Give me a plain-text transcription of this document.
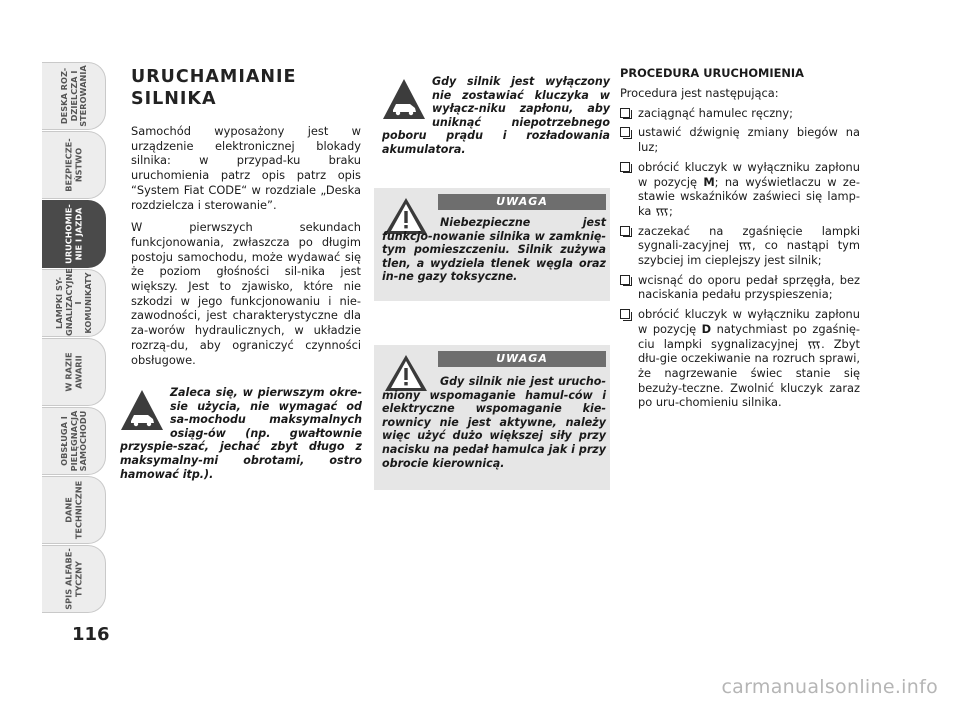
DESKA ROZ-
DZIELCZA I
STEROWANIA
BEZPIECZE-
ŃSTWO
URUCHOMIE-
NIE I JAZDA
LAMPKI SY-
GNALIZACYJNE
I KOMUNIKATY
W RAZIE
AWARII
OBSŁUGA I
PIELĘGNACJA
SAMOCHODU
DANE
TECHNICZNE
SPIS ALFABE-
TYCZNY
116
URUCHAMIANIE
SILNIKA

Samochód wyposażony jest w urządzenie elektronicznej blokady silnika: w przypad-ku braku uruchomienia patrz opis patrz opis “System Fiat CODE“ w rozdziale „Deska rozdzielcza i sterowanie”.

W pierwszych sekundach funkcjonowania, zwłaszcza po długim postoju samochodu, może wydawać się że poziom głośności sil-nika jest większy. Jest to zjawisko, które nie szkodzi w jego funkcjonowaniu i nie-zawodności, jest charakterystyczne dla za-worów hydraulicznych, w układzie rozrzą-du, aby ograniczyć czynności obsługowe.

Zaleca się, w pierwszym okre-sie użycia, nie wymagać od sa-mochodu maksymalnych osiąg-ów (np. gwałtownie przyspie-szać, jechać zbyt długo z maksymalny-mi obrotami, ostro hamować itp.).
Gdy silnik jest wyłączony nie zostawiać kluczyka w wyłącz-niku zapłonu, aby uniknąć niepotrzebnego poboru prądu i rozładowania akumulatora.
UWAGA
Niebezpieczne jest funkcjo-nowanie silnika w zamknię-tym pomieszczeniu. Silnik zużywa tlen, a wydziela tlenek węgla oraz in-ne gazy toksyczne.
UWAGA
Gdy silnik nie jest urucho-miony wspomaganie hamul-ców i elektryczne wspomaganie kie-rownicy nie jest aktywne, należy więc użyć dużo większej siły przy nacisku na pedał hamulca jak i przy obrocie kierownicą.
PROCEDURA URUCHOMIENIA
Procedura jest następująca:
zaciągnąć hamulec ręczny;
ustawić dźwignię zmiany biegów na luz;
obrócić kluczyk w wyłączniku zapłonu w pozycję M; na wyświetlaczu w ze-stawie wskaźników zaświeci się lamp-ka ;
zaczekać na zgaśnięcie lampki sygnali-zacyjnej , co nastąpi tym szybciej im cieplejszy jest silnik;
wcisnąć do oporu pedał sprzęgła, bez naciskania pedału przyspieszenia;
obrócić kluczyk w wyłączniku zapłonu w pozycję D natychmiast po zgaśnię-ciu lampki sygnalizacyjnej . Zbyt dłu-gie oczekiwanie na rozruch sprawi, że nagrzewanie świec stanie się bezuży-teczne. Zwolnić kluczyk zaraz po uru-chomieniu silnika.
carmanualsonline.info
